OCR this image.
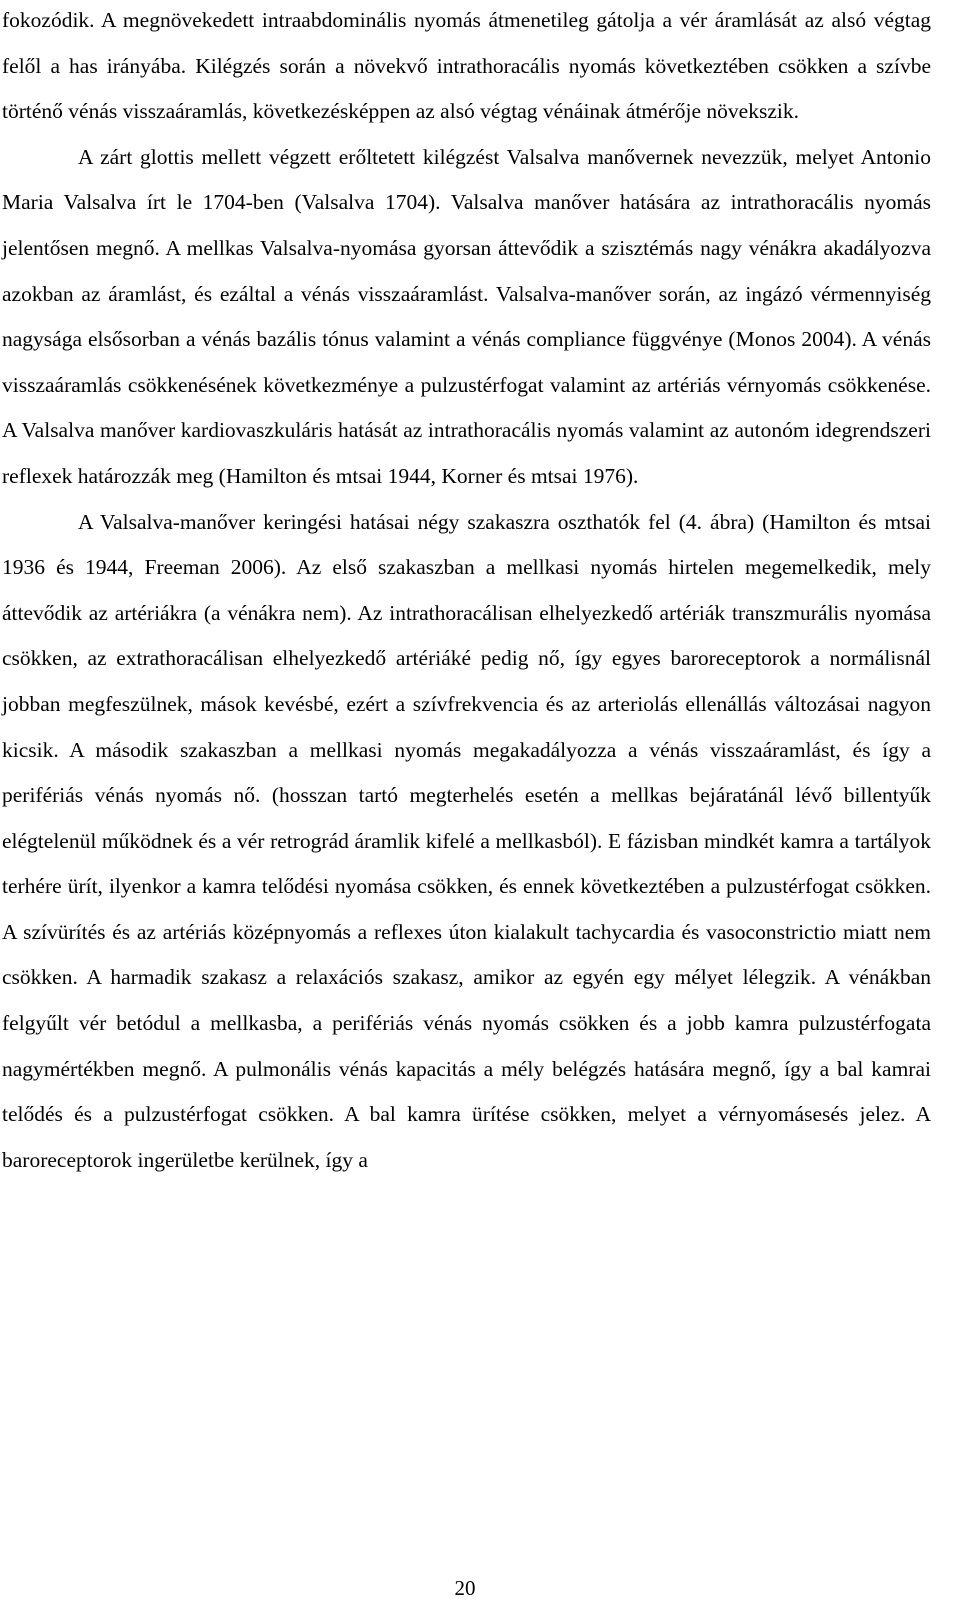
fokozódik. A megnövekedett intraabdominális nyomás átmenetileg gátolja a vér áramlását az alsó végtag felől a has irányába. Kilégzés során a növekvő intrathoracális nyomás következtében csökken a szívbe történő vénás visszaáramlás, következésképpen az alsó végtag vénáinak átmérője növekszik.

A zárt glottis mellett végzett erőltetett kilégzést Valsalva manővernek nevezzük, melyet Antonio Maria Valsalva írt le 1704-ben (Valsalva 1704). Valsalva manőver hatására az intrathoracális nyomás jelentősen megnő. A mellkas Valsalva-nyomása gyorsan áttevődik a szisztémás nagy vénákra akadályozva azokban az áramlást, és ezáltal a vénás visszaáramlást. Valsalva-manőver során, az ingázó vérmennyiség nagysága elsősorban a vénás bazális tónus valamint a vénás compliance függvénye (Monos 2004). A vénás visszaáramlás csökkenésének következménye a pulzustérfogat valamint az artériás vérnyomás csökkenése. A Valsalva manőver kardiovaszkuláris hatását az intrathoracális nyomás valamint az autonóm idegrendszeri reflexek határozzák meg (Hamilton és mtsai 1944, Korner és mtsai 1976).

A Valsalva-manőver keringési hatásai négy szakaszra oszthatók fel (4. ábra) (Hamilton és mtsai 1936 és 1944, Freeman 2006). Az első szakaszban a mellkasi nyomás hirtelen megemelkedik, mely áttevődik az artériákra (a vénákra nem). Az intrathoracálisan elhelyezkedő artériák transzmurális nyomása csökken, az extrathoracálisan elhelyezkedő artériáké pedig nő, így egyes baroreceptorok a normálisnál jobban megfeszülnek, mások kevésbé, ezért a szívfrekvencia és az arteriolás ellenállás változásai nagyon kicsik. A második szakaszban a mellkasi nyomás megakadályozza a vénás visszaáramlást, és így a perifériás vénás nyomás nő. (hosszan tartó megterhelés esetén a mellkas bejáratánál lévő billentyűk elégtelenül működnek és a vér retrográd áramlik kifelé a mellkasból). E fázisban mindkét kamra a tartályok terhére ürít, ilyenkor a kamra telődési nyomása csökken, és ennek következtében a pulzustérfogat csökken. A szívürítés és az artériás középnyomás a reflexes úton kialakult tachycardia és vasoconstrictio miatt nem csökken. A harmadik szakasz a relaxációs szakasz, amikor az egyén egy mélyet lélegzik. A vénákban felgyűlt vér betódul a mellkasba, a perifériás vénás nyomás csökken és a jobb kamra pulzustérfogata nagymértékben megnő. A pulmonális vénás kapacitás a mély belégzés hatására megnő, így a bal kamrai telődés és a pulzustérfogat csökken. A bal kamra ürítése csökken, melyet a vérnyomásesés jelez. A baroreceptorok ingerületbe kerülnek, így a

20
